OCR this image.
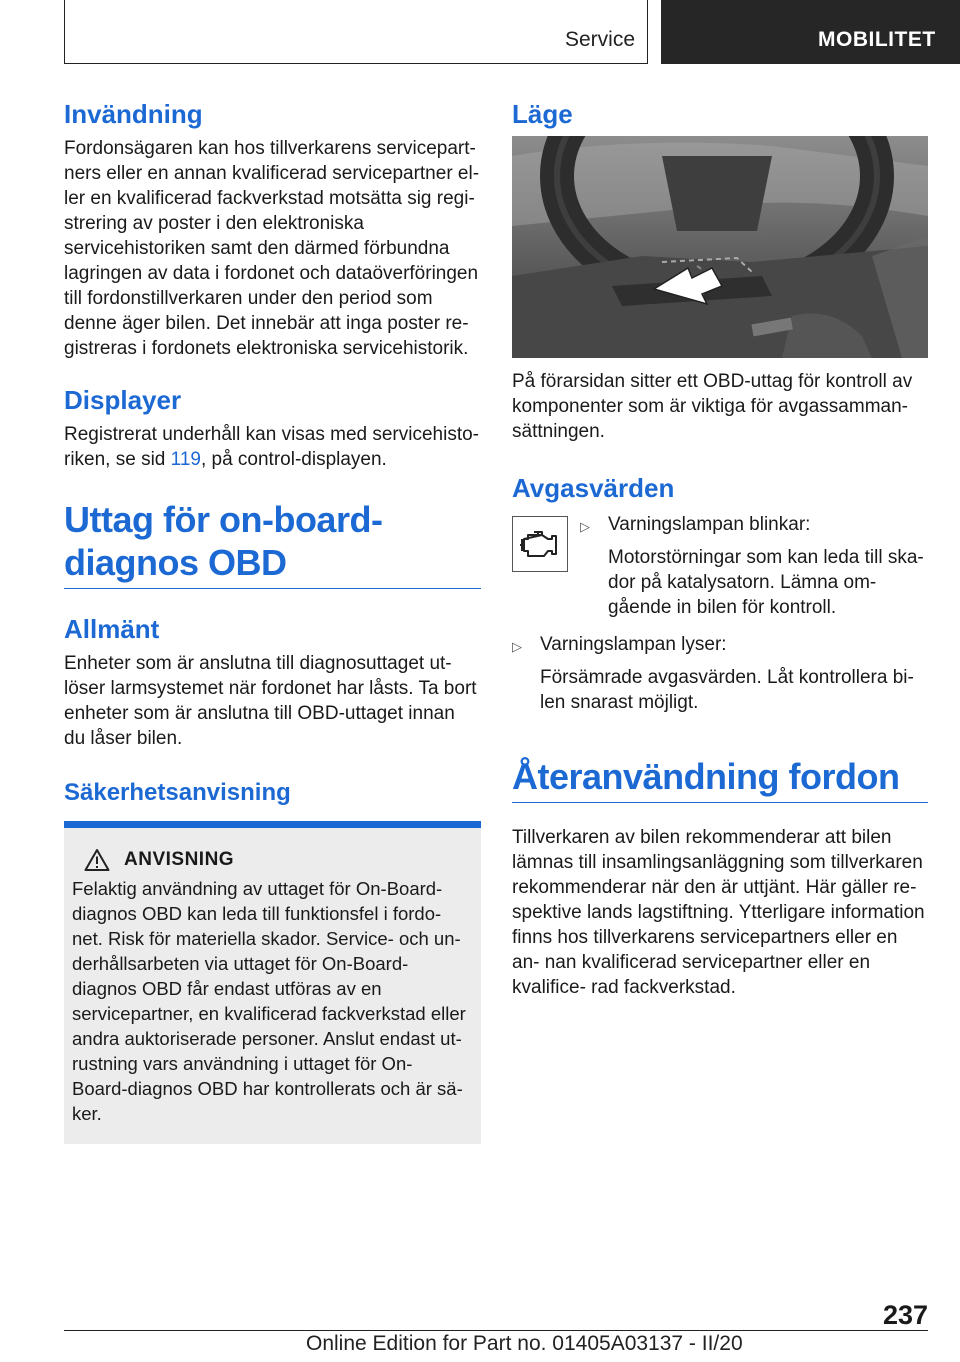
Service	MOBILITET
Invändning

Fordonsägaren kan hos tillverkarens servicepart‐ ners eller en annan kvalificerad servicepartner el‐ ler en kvalificerad fackverkstad motsätta sig regi‐ strering av poster i den elektroniska servicehistoriken samt den därmed förbundna lagringen av data i fordonet och dataöverföringen till fordonstillverkaren under den period som denne äger bilen. Det innebär att inga poster re‐ gistreras i fordonets elektroniska servicehistorik.

Displayer

Registrerat underhåll kan visas med servicehisto‐ riken, se sid 119, på control-displayen.

Uttag för on-board-diagnos OBD
Allmänt

Enheter som är anslutna till diagnosuttaget ut‐ löser larmsystemet när fordonet har låsts. Ta bort enheter som är anslutna till OBD-uttaget innan du låser bilen.

Säkerhetsanvisning
ANVISNING

Felaktig användning av uttaget för On-Board- diagnos OBD kan leda till funktionsfel i fordo‐ net. Risk för materiella skador. Service- och un‐ derhållsarbeten via uttaget för On-Board- diagnos OBD får endast utföras av en servicepartner, en kvalificerad fackverkstad eller andra auktoriserade personer. Anslut endast ut‐ rustning vars användning i uttaget för On- Board-diagnos OBD har kontrollerats och är sä‐ ker.

Läge

På förarsidan sitter ett OBD-uttag för kontroll av komponenter som är viktiga för avgassamman‐ sättningen.

Avgasvärden
▷ Varningslampan blinkar:
Motorstörningar som kan leda till ska‐ dor på katalysatorn. Lämna om‐ gående in bilen för kontroll.
▷ Varningslampan lyser:
Försämrade avgasvärden. Låt kontrollera bi‐ len snarast möjligt.
Återanvändning fordon

Tillverkaren av bilen rekommenderar att bilen lämnas till insamlingsanläggning som tillverkaren rekommenderar när den är uttjänt. Här gäller re‐ spektive lands lagstiftning. Ytterligare information finns hos tillverkarens servicepartners eller en an‐ nan kvalificerad servicepartner eller en kvalifice‐ rad fackverkstad.

237
Online Edition for Part no. 01405A03137 - II/20
